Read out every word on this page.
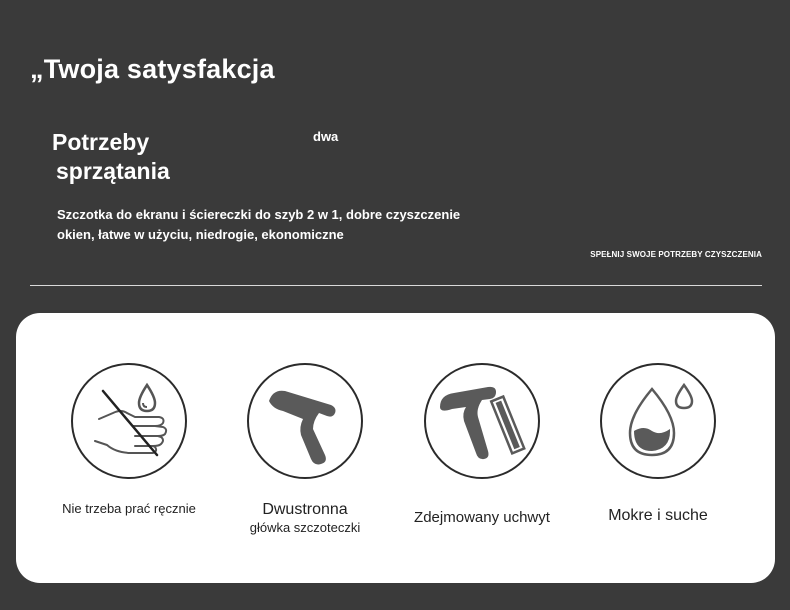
„Twoja satysfakcja
Potrzeby
sprzątania
dwa
Szczotka do ekranu i ściereczki do szyb 2 w 1, dobre czyszczenie okien, łatwe w użyciu, niedrogie, ekonomiczne
SPEŁNIJ SWOJE POTRZEBY CZYSZCZENIA
Nie trzeba prać ręcznie	Dwustronna
główka szczoteczki
Zdejmowany uchwyt	Mokre i suche
